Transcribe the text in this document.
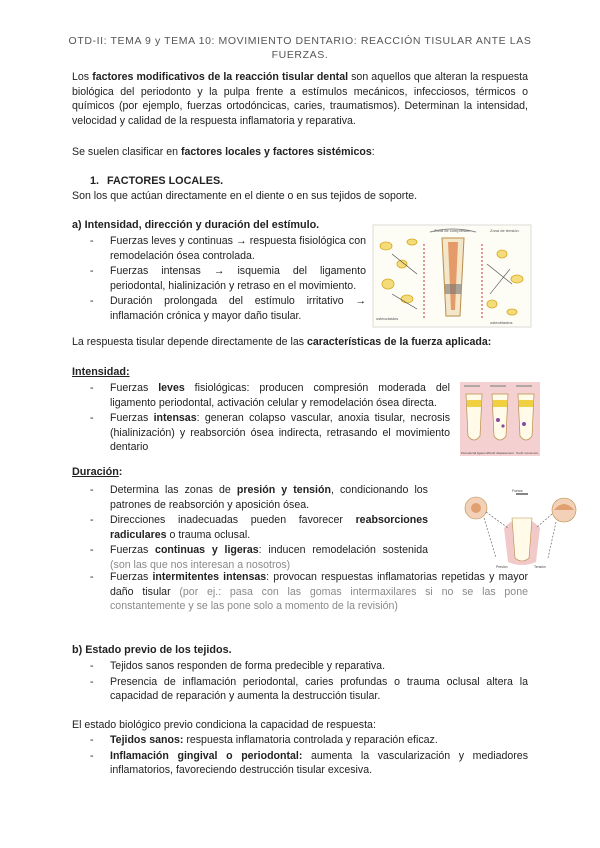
OTD-II: TEMA 9 y TEMA 10: MOVIMIENTO DENTARIO: REACCIÓN TISULAR ANTE LAS
FUERZAS.
Los factores modificativos de la reacción tisular dental son aquellos que alteran la respuesta biológica del periodonto y la pulpa frente a estímulos mecánicos, infecciosos, térmicos o químicos (por ejemplo, fuerzas ortodóncicas, caries, traumatismos). Determinan la intensidad, velocidad y calidad de la respuesta inflamatoria y reparativa.
Se suelen clasificar en factores locales y factores sistémicos:
1. FACTORES LOCALES.
Son los que actúan directamente en el diente o en sus tejidos de soporte.
a) Intensidad, dirección y duración del estímulo.
- Fuerzas leves y continuas → respuesta fisiológica con remodelación ósea controlada.
- Fuerzas intensas → isquemia del ligamento periodontal, hialinización y retraso en el movimiento.
- Duración prolongada del estímulo irritativo → inflamación crónica y mayor daño tisular.
Zona de compresión	Zona de tensión
osteoclastos
osteoblastos
La respuesta tisular depende directamente de las características de la fuerza aplicada:
Intensidad:
- Fuerzas leves fisiológicas: producen compresión moderada del ligamento periodontal, activación celular y remodelación ósea directa.
- Fuerzas intensas: generan colapso vascular, anoxia tisular, necrosis (hialinización) y reabsorción ósea indirecta, retrasando el movimiento dentario	Periodontal ligament Tooth displacement Tooth movement
Duración:
- Determina las zonas de presión y tensión, condicionando los patrones de reabsorción y aposición ósea.
- Direcciones inadecuadas pueden favorecer reabsorciones radiculares o trauma oclusal.
- Fuerzas continuas y ligeras: inducen remodelación sostenida (son las que nos interesan a nosotros)
- Fuerzas intermitentes intensas: provocan respuestas inflamatorias repetidas y mayor daño tisular (por ej.: pasa con las gomas intermaxilares si no se las pone constantemente y se las pone solo a momento de la revisión)
Fuerza
Presión	Tensión
b) Estado previo de los tejidos.
- Tejidos sanos responden de forma predecible y reparativa.
- Presencia de inflamación periodontal, caries profundas o trauma oclusal altera la capacidad de reparación y aumenta la destrucción tisular.
El estado biológico previo condiciona la capacidad de respuesta:
- Tejidos sanos: respuesta inflamatoria controlada y reparación eficaz.
- Inflamación gingival o periodontal: aumenta la vascularización y mediadores inflamatorios, favoreciendo destrucción tisular excesiva.
